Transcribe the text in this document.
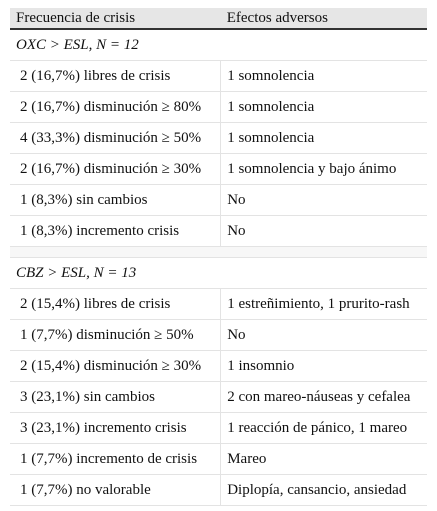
Frecuencia de crisis	Efectos adversos
OXC > ESL, N = 12	
2 (16,7%) libres de crisis	1 somnolencia
2 (16,7%) disminución ≥ 80%	1 somnolencia
4 (33,3%) disminución ≥ 50%	1 somnolencia
2 (16,7%) disminución ≥ 30%	1 somnolencia y bajo ánimo
1 (8,3%) sin cambios	No
1 (8,3%) incremento crisis	No

CBZ > ESL, N = 13	
2 (15,4%) libres de crisis	1 estreñimiento, 1 prurito-rash
1 (7,7%) disminución ≥ 50%	No
2 (15,4%) disminución ≥ 30%	1 insomnio
3 (23,1%) sin cambios	2 con mareo-náuseas y cefalea
3 (23,1%) incremento crisis	1 reacción de pánico, 1 mareo
1 (7,7%) incremento de crisis	Mareo
1 (7,7%) no valorable	Diplopía, cansancio, ansiedad
